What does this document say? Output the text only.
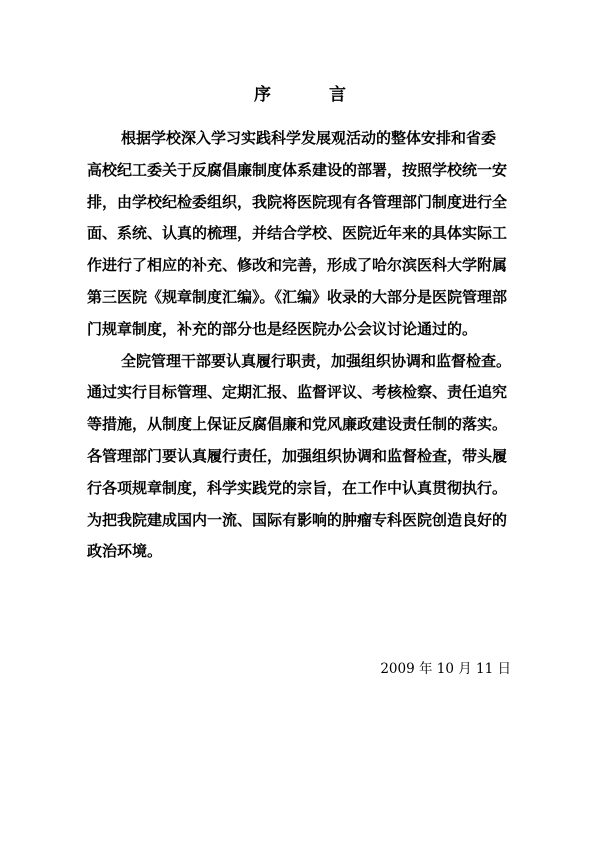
序 言
根据学校深入学习实践科学发展观活动的整体安排和省委
高校纪工委关于反腐倡廉制度体系建设的部署，按照学校统一安
排，由学校纪检委组织，我院将医院现有各管理部门制度进行全
面、系统、认真的梳理，并结合学校、医院近年来的具体实际工
作进行了相应的补充、修改和完善，形成了哈尔滨医科大学附属
第三医院《规章制度汇编》。《汇编》收录的大部分是医院管理部
门规章制度，补充的部分也是经医院办公会议讨论通过的。
全院管理干部要认真履行职责，加强组织协调和监督检查。
通过实行目标管理、定期汇报、监督评议、考核检察、责任追究
等措施，从制度上保证反腐倡廉和党风廉政建设责任制的落实。
各管理部门要认真履行责任，加强组织协调和监督检查，带头履
行各项规章制度，科学实践党的宗旨，在工作中认真贯彻执行。
为把我院建成国内一流、国际有影响的肿瘤专科医院创造良好的
政治环境。
2009 年 10 月 11 日
